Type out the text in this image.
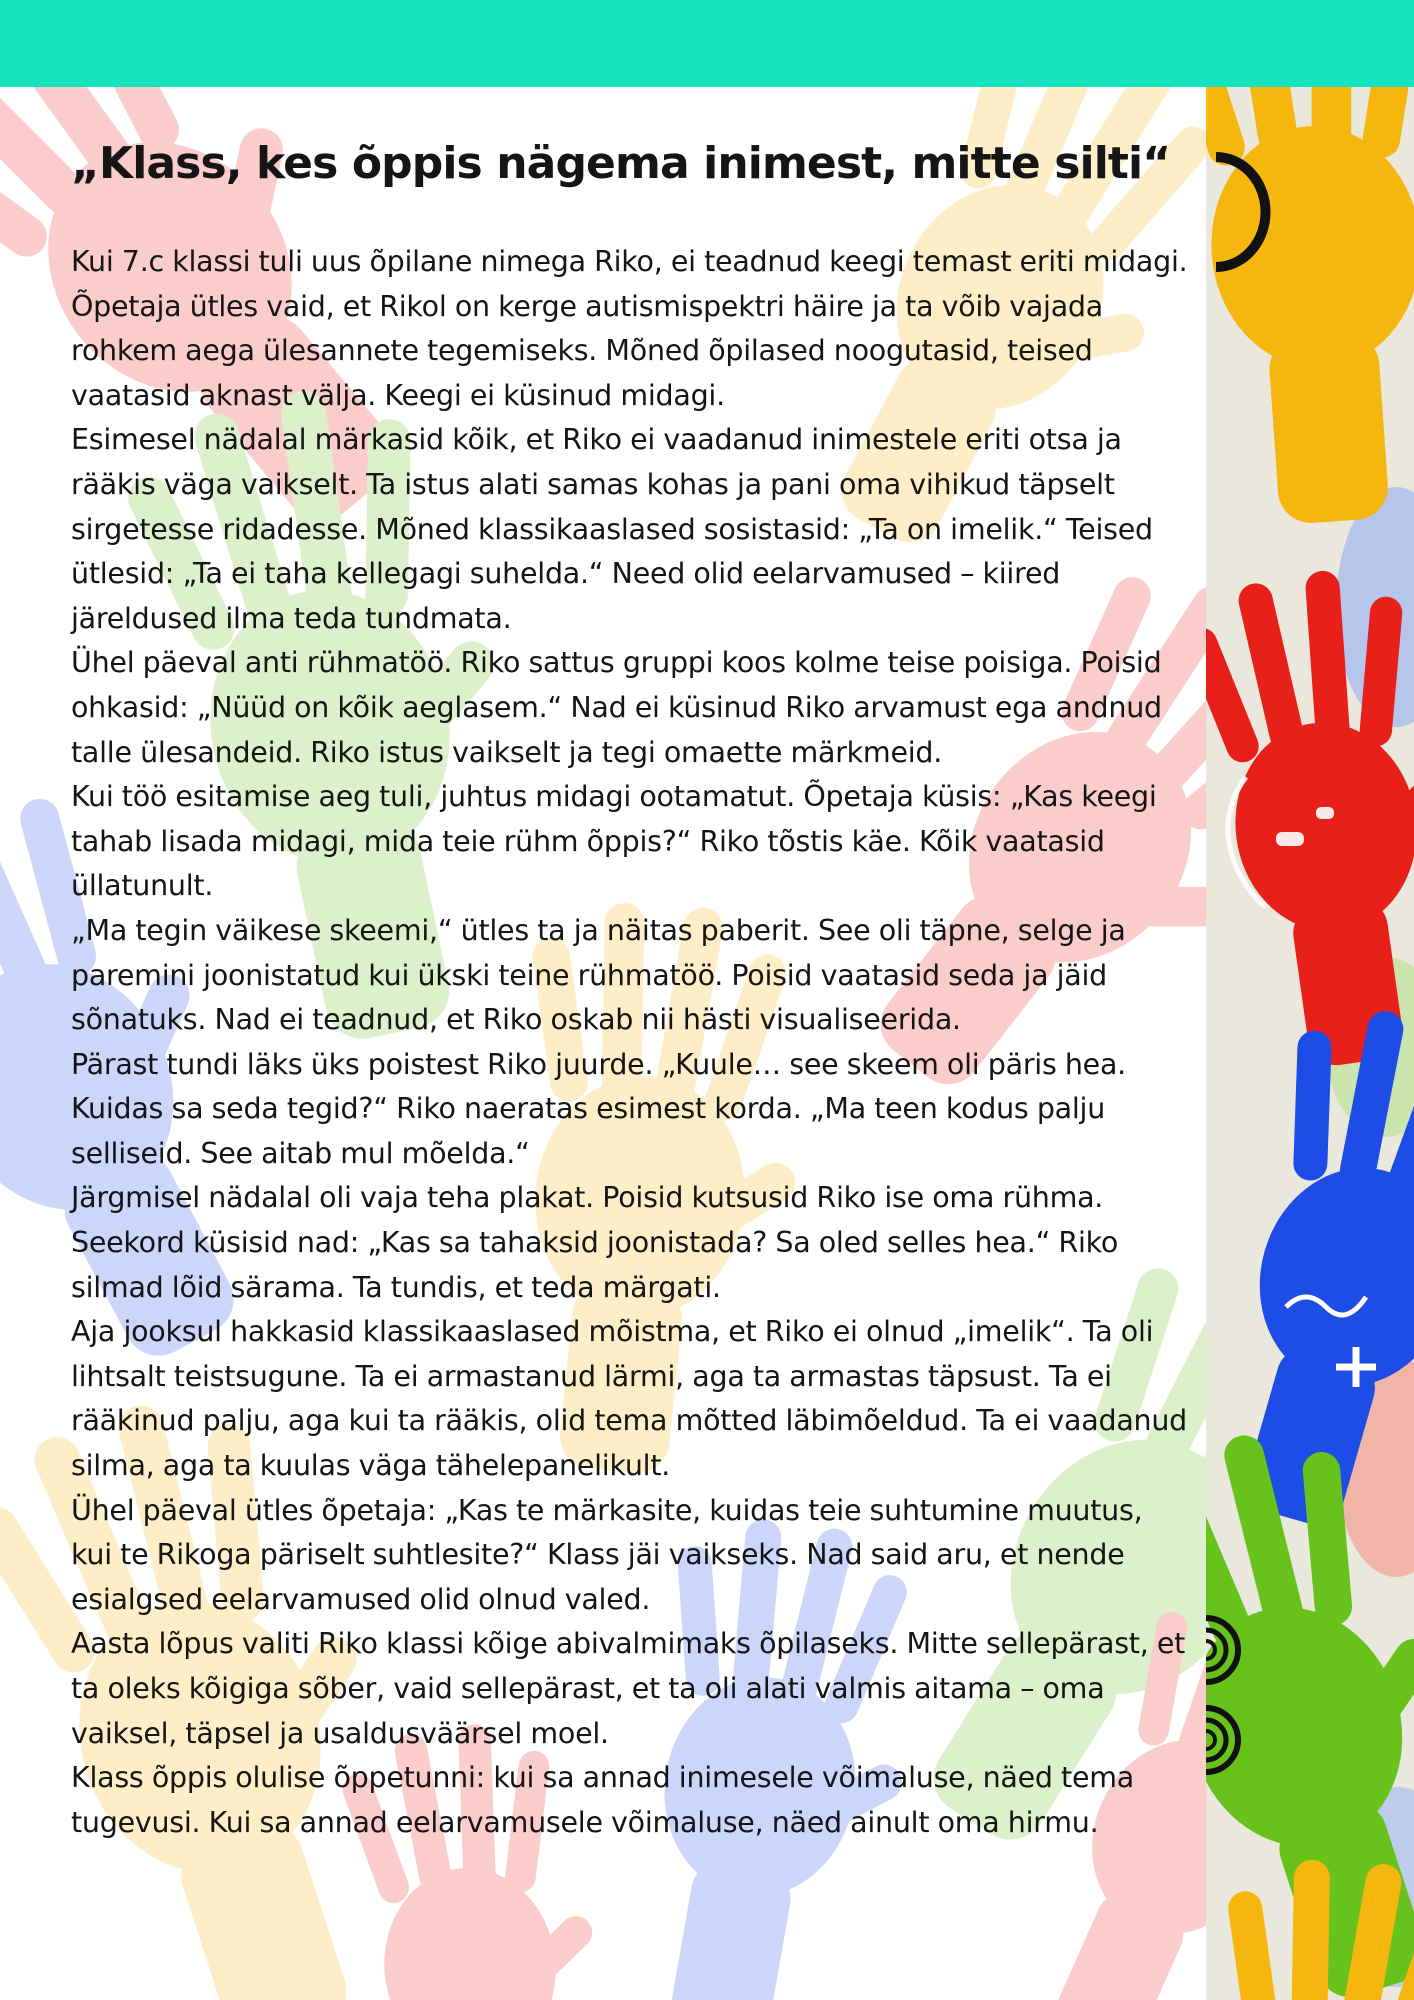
„Klass, kes õppis nägema inimest, mitte silti“

Kui 7.c klassi tuli uus õpilane nimega Riko, ei teadnud keegi temast eriti midagi. Õpetaja ütles vaid, et Rikol on kerge autismispektri häire ja ta võib vajada rohkem aega ülesannete tegemiseks. Mõned õpilased noogutasid, teised vaatasid aknast välja. Keegi ei küsinud midagi.

Esimesel nädalal märkasid kõik, et Riko ei vaadanud inimestele eriti otsa ja rääkis väga vaikselt. Ta istus alati samas kohas ja pani oma vihikud täpselt sirgetesse ridadesse. Mõned klassikaaslased sosistasid: „Ta on imelik.“ Teised ütlesid: „Ta ei taha kellegagi suhelda.“ Need olid eelarvamused – kiired järeldused ilma teda tundmata.

Ühel päeval anti rühmatöö. Riko sattus gruppi koos kolme teise poisiga. Poisid ohkasid: „Nüüd on kõik aeglasem.“ Nad ei küsinud Riko arvamust ega andnud talle ülesandeid. Riko istus vaikselt ja tegi omaette märkmeid.

Kui töö esitamise aeg tuli, juhtus midagi ootamatut. Õpetaja küsis: „Kas keegi tahab lisada midagi, mida teie rühm õppis?“ Riko tõstis käe. Kõik vaatasid üllatunult.

„Ma tegin väikese skeemi,“ ütles ta ja näitas paberit. See oli täpne, selge ja paremini joonistatud kui ükski teine rühmatöö. Poisid vaatasid seda ja jäid sõnatuks. Nad ei teadnud, et Riko oskab nii hästi visualiseerida.

Pärast tundi läks üks poistest Riko juurde. „Kuule… see skeem oli päris hea. Kuidas sa seda tegid?“ Riko naeratas esimest korda. „Ma teen kodus palju selliseid. See aitab mul mõelda.“

Järgmisel nädalal oli vaja teha plakat. Poisid kutsusid Riko ise oma rühma. Seekord küsisid nad: „Kas sa tahaksid joonistada? Sa oled selles hea.“ Riko silmad lõid särama. Ta tundis, et teda märgati.

Aja jooksul hakkasid klassikaaslased mõistma, et Riko ei olnud „imelik“. Ta oli lihtsalt teistsugune. Ta ei armastanud lärmi, aga ta armastas täpsust. Ta ei rääkinud palju, aga kui ta rääkis, olid tema mõtted läbimõeldud. Ta ei vaadanud silma, aga ta kuulas väga tähelepanelikult.

Ühel päeval ütles õpetaja: „Kas te märkasite, kuidas teie suhtumine muutus, kui te Rikoga päriselt suhtlesite?“ Klass jäi vaikseks. Nad said aru, et nende esialgsed eelarvamused olid olnud valed.

Aasta lõpus valiti Riko klassi kõige abivalmimaks õpilaseks. Mitte sellepärast, et ta oleks kõigiga sõber, vaid sellepärast, et ta oli alati valmis aitama – oma vaiksel, täpsel ja usaldusväärsel moel.

Klass õppis olulise õppetunni: kui sa annad inimesele võimaluse, näed tema tugevusi. Kui sa annad eelarvamusele võimaluse, näed ainult oma hirmu.
